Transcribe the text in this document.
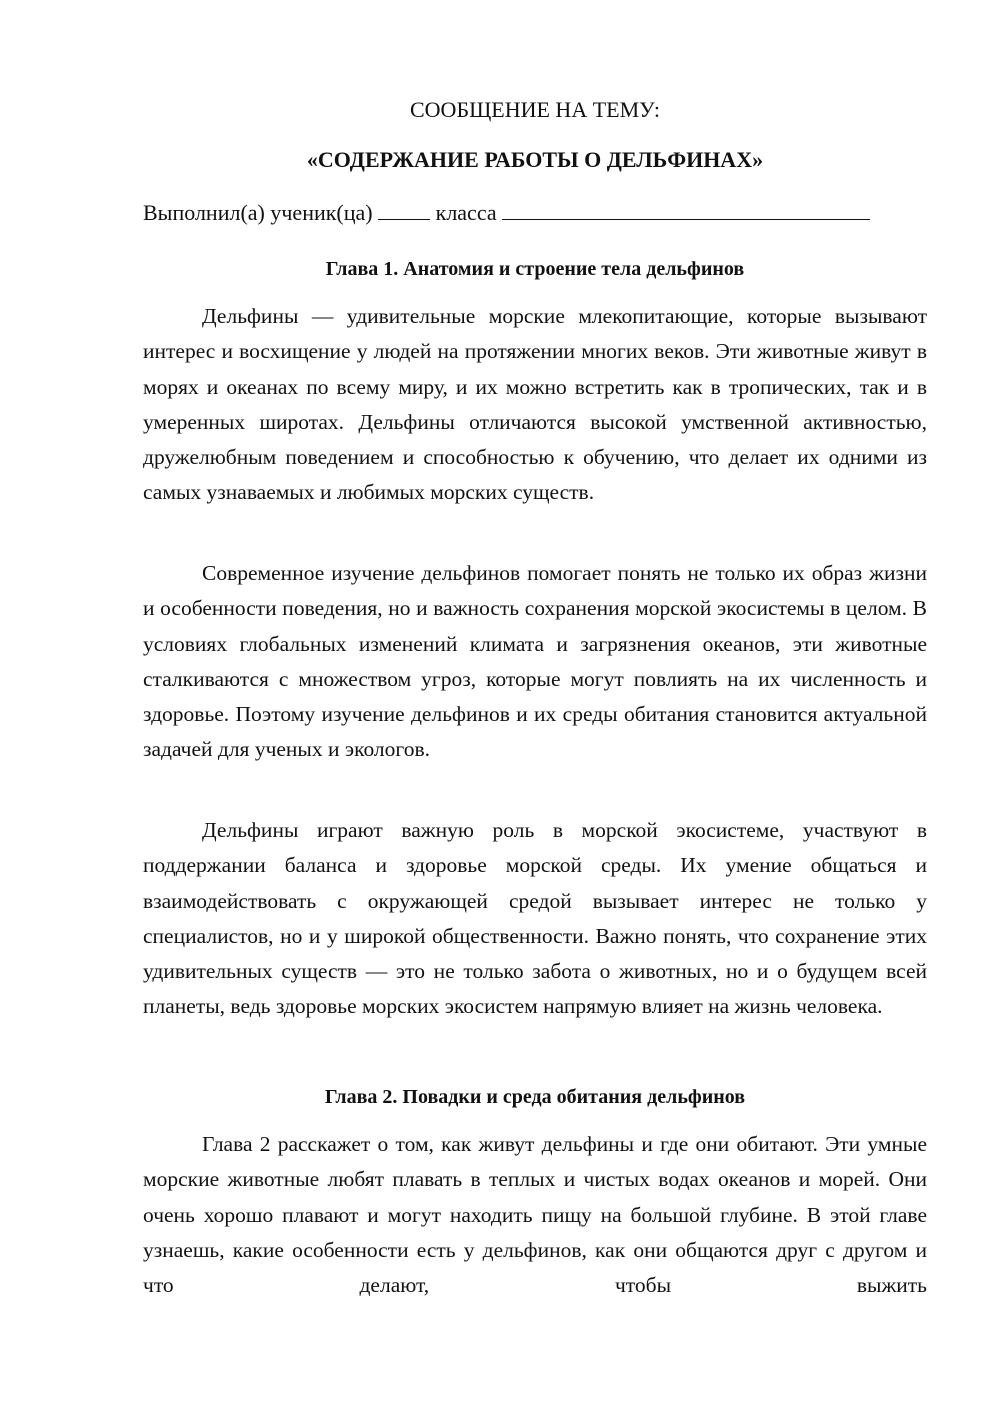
СООБЩЕНИЕ НА ТЕМУ:
«СОДЕРЖАНИЕ РАБОТЫ О ДЕЛЬФИНАХ»
Выполнил(а) ученик(ца)	класса
Глава 1. Анатомия и строение тела дельфинов

Дельфины — удивительные морские млекопитающие, которые вызывают интерес и восхищение у людей на протяжении многих веков. Эти животные живут в морях и океанах по всему миру, и их можно встретить как в тропических, так и в умеренных широтах. Дельфины отличаются высокой умственной активностью, дружелюбным поведением и способностью к обучению, что делает их одними из самых узнаваемых и любимых морских существ.

Современное изучение дельфинов помогает понять не только их образ жизни и особенности поведения, но и важность сохранения морской экосистемы в целом. В условиях глобальных изменений климата и загрязнения океанов, эти животные сталкиваются с множеством угроз, которые могут повлиять на их численность и здоровье. Поэтому изучение дельфинов и их среды обитания становится актуальной задачей для ученых и экологов.

Дельфины играют важную роль в морской экосистеме, участвуют в поддержании баланса и здоровье морской среды. Их умение общаться и взаимодействовать с окружающей средой вызывает интерес не только у специалистов, но и у широкой общественности. Важно понять, что сохранение этих удивительных существ — это не только забота о животных, но и о будущем всей планеты, ведь здоровье морских экосистем напрямую влияет на жизнь человека.

Глава 2. Повадки и среда обитания дельфинов

Глава 2 расскажет о том, как живут дельфины и где они обитают. Эти умные морские животные любят плавать в теплых и чистых водах океанов и морей. Они очень хорошо плавают и могут находить пищу на большой глубине. В этой главе узнаешь, какие особенности есть у дельфинов, как они общаются друг с другом и что делают, чтобы выжить
